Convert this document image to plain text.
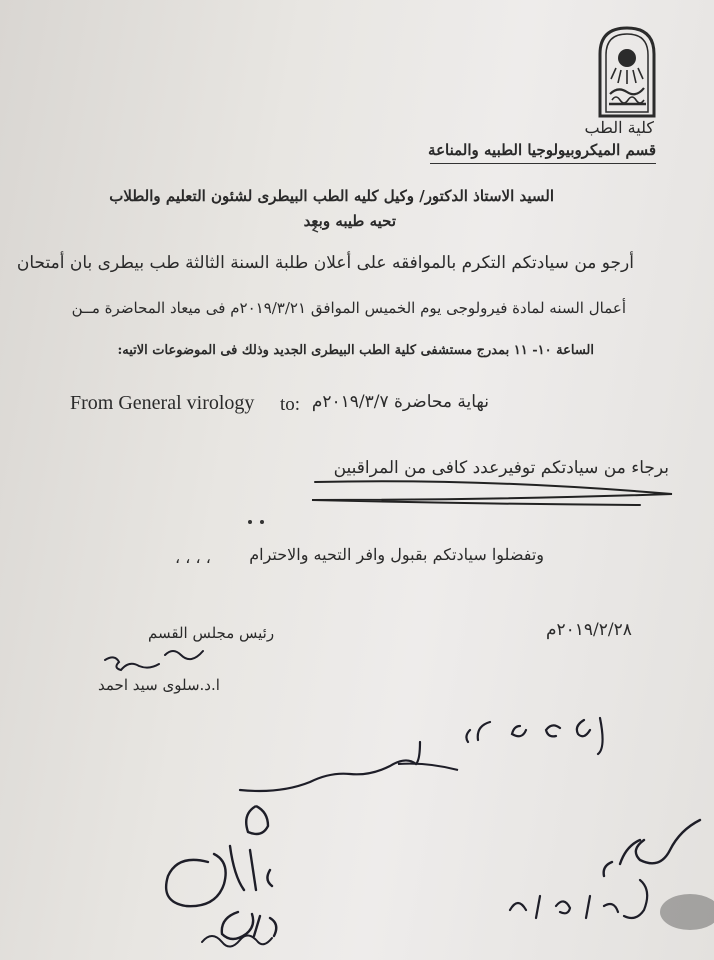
كلية الطب
قسم الميكروبيولوجيا الطبيه والمناعة
السيد الاستاذ الدكتور/ وكيل كليه الطب البيطرى لشئون التعليم والطلاب
تحيه طيبه وبعد
أرجو من سيادتكم التكرم بالموافقه على أعلان طلبة السنة الثالثة طب بيطرى بان أمتحان
أعمال السنه لمادة فيرولوجى يوم الخميس الموافق ٢٠١٩/٣/٢١م فى ميعاد المحاضرة مــن
الساعة ١٠- ١١ بمدرج مستشفى كلية الطب البيطرى الجديد وذلك فى الموضوعات الاتيه:
From General virology to: نهاية محاضرة ٢٠١٩/٣/٧م
برجاء من سيادتكم توفيرعدد كافى من المراقبين
وتفضلوا سيادتكم بقبول وافر التحيه والاحترام
، ، ، ،
رئيس مجلس القسم	٢٠١٩/٢/٢٨م
ا.د.سلوى سيد احمد
